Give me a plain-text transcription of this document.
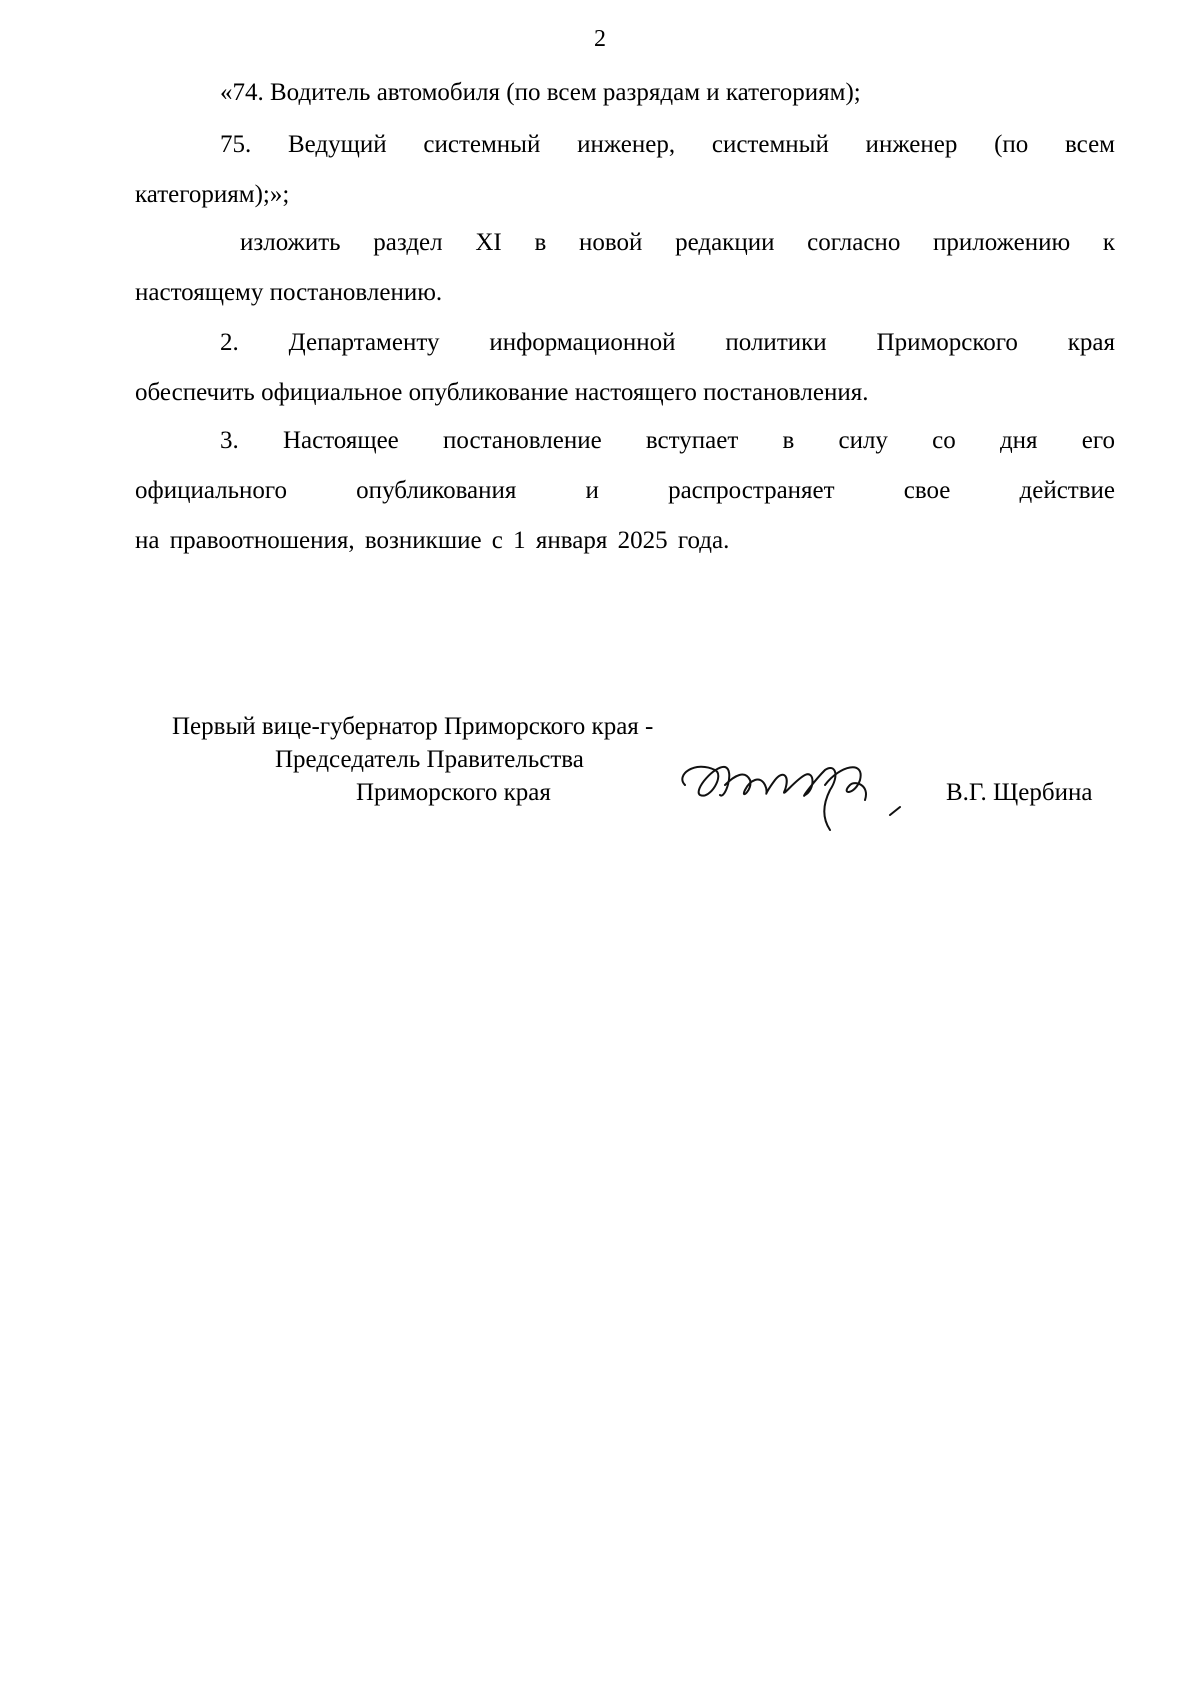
2
«74. Водитель автомобиля (по всем разрядам и категориям);
75. Ведущий системный инженер, системный инженер (по всем
категориям);»;
изложить раздел XI в новой редакции согласно приложению к
настоящему постановлению.
2. Департаменту информационной политики Приморского края
обеспечить официальное опубликование настоящего постановления.
3. Настоящее постановление вступает в силу со дня его
официального опубликования и распространяет свое действие
на правоотношения, возникшие с 1 января 2025 года.
Первый вице-губернатор Приморского края -
Председатель Правительства
Приморского края	В.Г. Щербина
